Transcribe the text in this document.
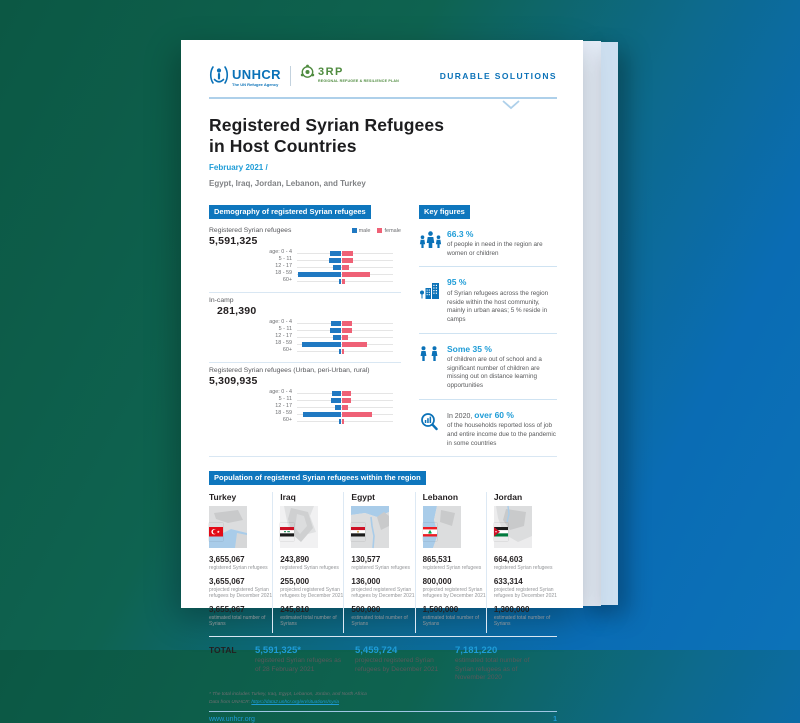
UNHCR
The UN Refugee Agency
3RP
REGIONAL REFUGEE & RESILIENCE PLAN	DURABLE SOLUTIONS
Registered Syrian Refugees
in Host Countries
February 2021 /
Egypt, Iraq, Jordan, Lebanon, and Turkey
Demography of registered Syrian refugees
Registered Syrian refugees	male	female
5,591,325
age: 0 - 4
5 - 11
12 - 17
18 - 59
60+
In-camp
281,390
age: 0 - 4
5 - 11
12 - 17
18 - 59
60+
Registered Syrian refugees (Urban, peri-Urban, rural)
5,309,935
age: 0 - 4
5 - 11
12 - 17
18 - 59
60+
Key figures
66.3 %
of people in need in the region are women or children
95 %
of Syrian refugees across the region reside within the host community, mainly in urban areas; 5 % reside in camps
Some 35 %
of children are out of school and a significant number of children are missing out on distance learning opportunities
In 2020, over 60 %
of the households reported loss of job and entire income due to the pandemic in some countries
Population of registered Syrian refugees within the region
Turkey
3,655,067
registered Syrian refugees
3,655,067
projected registered Syrian refugees by December 2021
3,655,067
estimated total number of Syrians
Iraq
243,890
registered Syrian refugees
255,000
projected registered Syrian refugees by December 2021
245,810
estimated total number of Syrians
Egypt
130,577
registered Syrian refugees
136,000
projected registered Syrian refugees by December 2021
500,000
estimated total number of Syrians
Lebanon
865,531
registered Syrian refugees
800,000
projected registered Syrian refugees by December 2021
1,500,000
estimated total number of Syrians
Jordan
664,603
registered Syrian refugees
633,314
projected registered Syrian refugees by December 2021
1,300,000
estimated total number of Syrians
TOTAL	5,591,325*
registered Syrian refugees as of 28 February 2021
5,459,724
projected registered Syrian refugees by December 2021
7,181,220
estimated total number of Syrian refugees as of November 2020
* The total includes Turkey, Iraq, Egypt, Lebanon, Jordan, and North Africa
Data from UNHCR: https://data2.unhcr.org/en/situations/syria
www.unhcr.org	1
